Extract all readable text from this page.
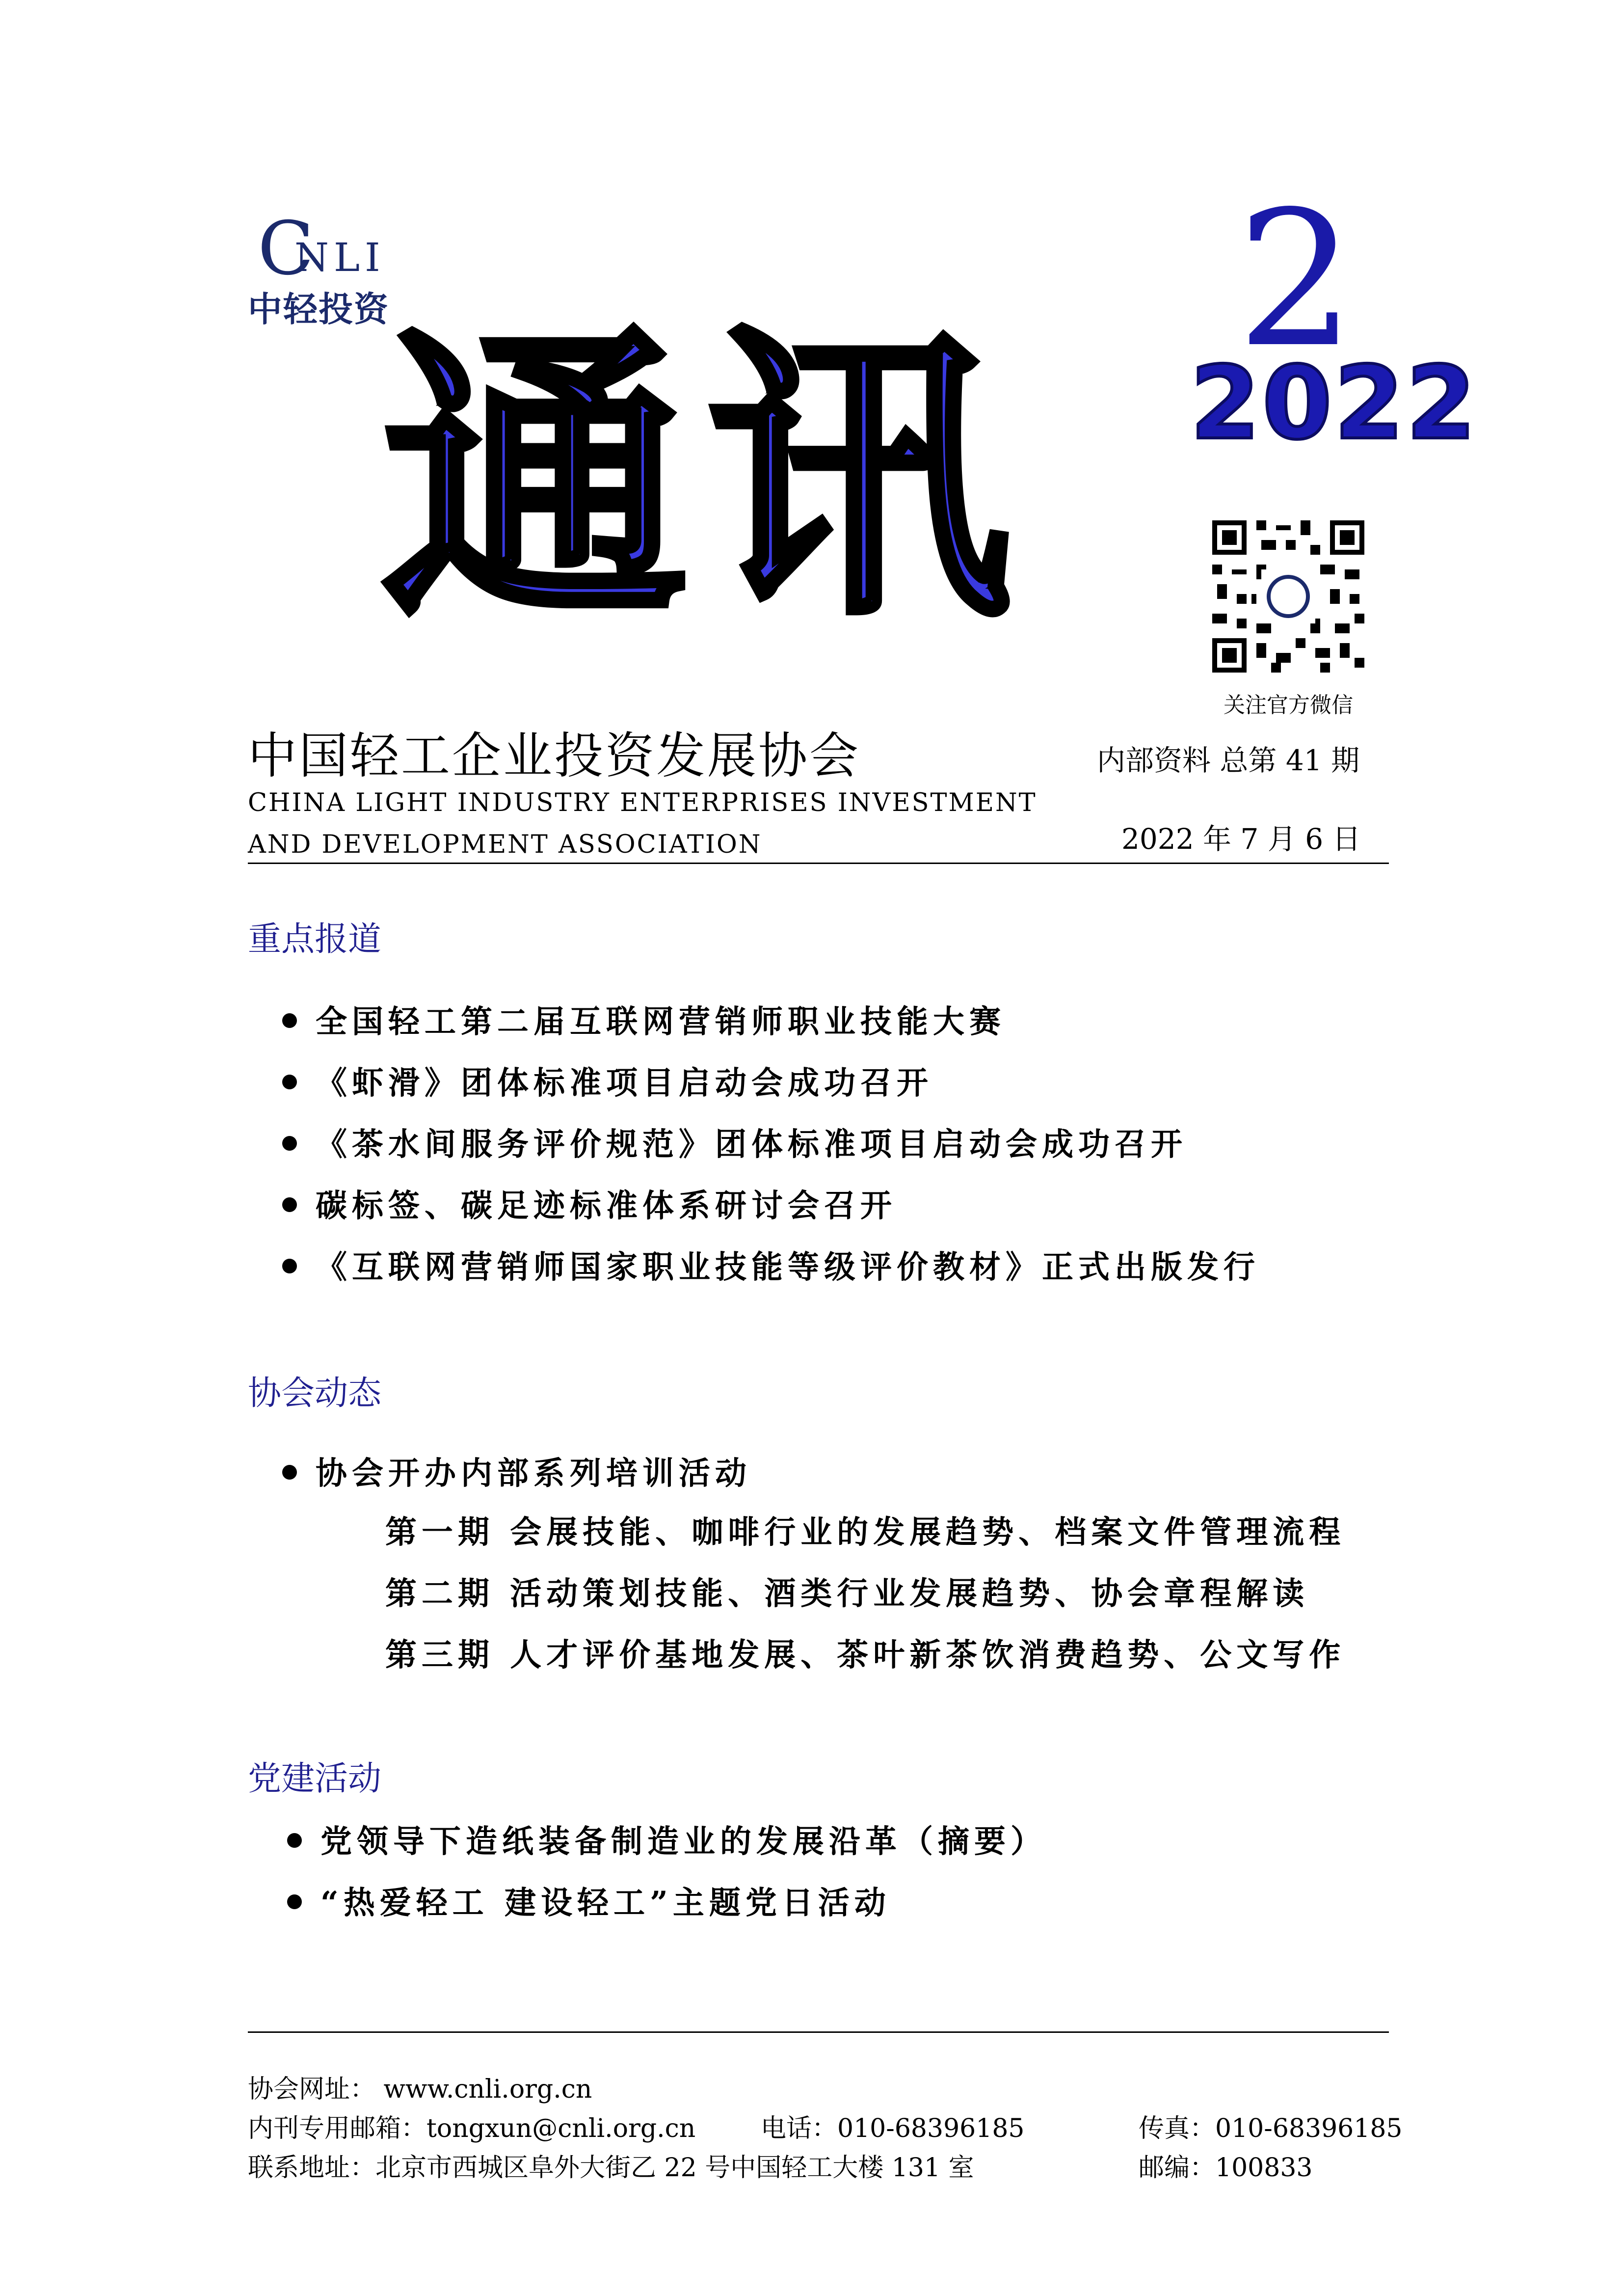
C
NLI
中轻投资	2
2022
通讯
关注官方微信
中国轻工企业投资发展协会
CHINA LIGHT INDUSTRY ENTERPRISES INVESTMENT
AND DEVELOPMENT ASSOCIATION
内部资料 总第 41 期
2022 年 7 月 6 日
重点报道
全国轻工第二届互联网营销师职业技能大赛
《虾滑》团体标准项目启动会成功召开
《茶水间服务评价规范》团体标准项目启动会成功召开
碳标签、碳足迹标准体系研讨会召开
《互联网营销师国家职业技能等级评价教材》正式出版发行
协会动态
协会开办内部系列培训活动
第一期 会展技能、咖啡行业的发展趋势、档案文件管理流程
第二期 活动策划技能、酒类行业发展趋势、协会章程解读
第三期 人才评价基地发展、茶叶新茶饮消费趋势、公文写作
党建活动
党领导下造纸装备制造业的发展沿革（摘要）
“热爱轻工 建设轻工”主题党日活动
协会网址： www.cnli.org.cn
内刊专用邮箱：tongxun@cnli.org.cn	电话：010-68396185	传真：010-68396185
联系地址：北京市西城区阜外大街乙 22 号中国轻工大楼 131 室	邮编：100833
